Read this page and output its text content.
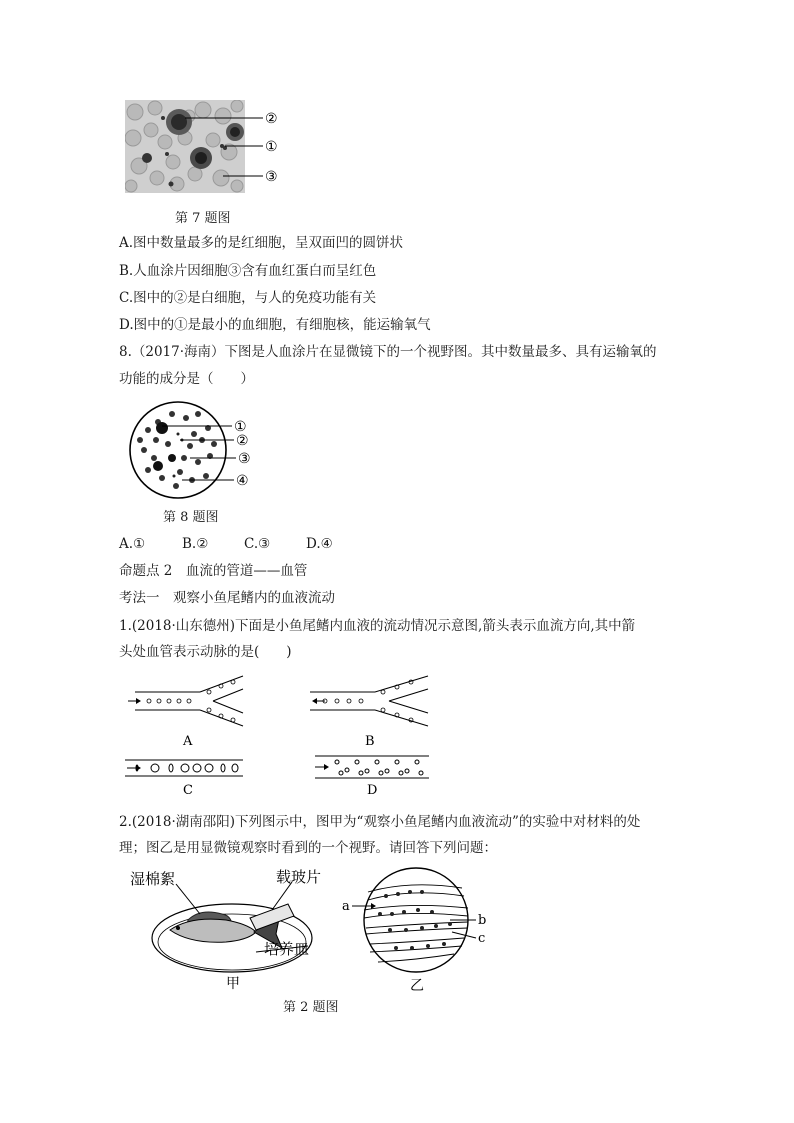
②
①
③
第 7 题图
A.图中数量最多的是红细胞，呈双面凹的圆饼状
B.人血涂片因细胞③含有血红蛋白而呈红色
C.图中的②是白细胞，与人的免疫功能有关
D.图中的①是最小的血细胞，有细胞核，能运输氧气
8.（2017·海南）下图是人血涂片在显微镜下的一个视野图。其中数量最多、具有运输氧的
功能的成分是（　　）
①
②
③
④
第 8 题图
A.①	B.②	C.③	D.④
命题点 2　血流的管道——血管
考法一　观察小鱼尾鳍内的血液流动
1.(2018·山东德州)下面是小鱼尾鳍内血液的流动情况示意图,箭头表示血流方向,其中箭
头处血管表示动脉的是(　　)
A	B
C	D
2.(2018·湖南邵阳)下列图示中，图甲为“观察小鱼尾鳍内血液流动”的实验中对材料的处
理；图乙是用显微镜观察时看到的一个视野。请回答下列问题：
湿棉絮	载玻片
培养皿
甲
a
b
c
乙
第 2 题图
